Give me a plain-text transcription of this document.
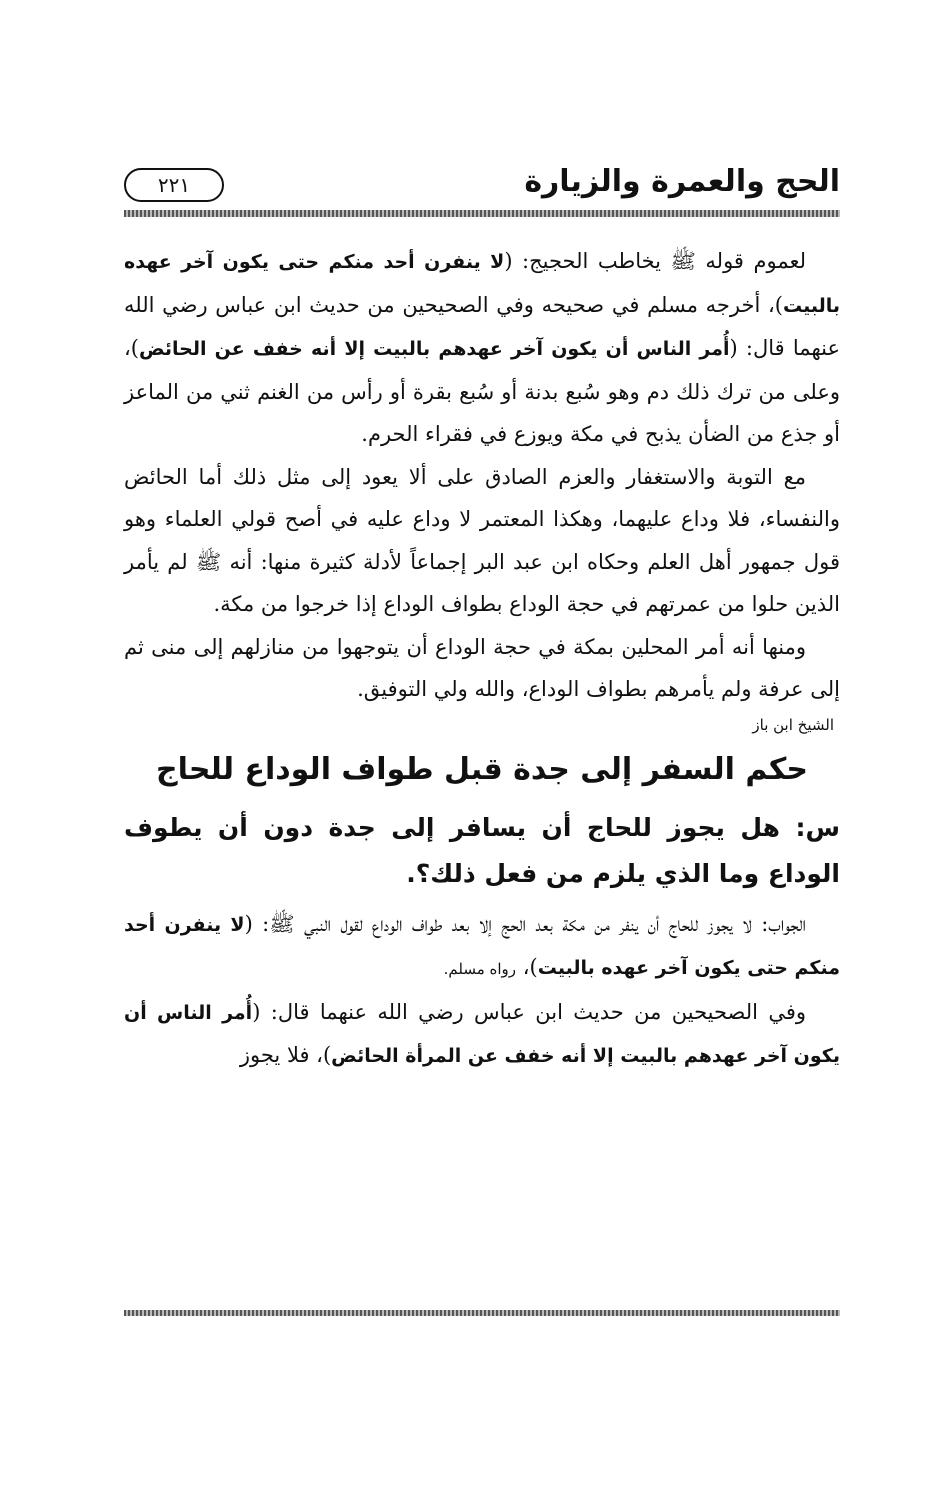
الحج والعمرة والزيارة
٢٢١

لعموم قوله ﷺ يخاطب الحجيج: (لا ينفرن أحد منكم حتى يكون آخر عهده بالبيت)، أخرجه مسلم في صحيحه وفي الصحيحين من حديث ابن عباس رضي الله عنهما قال: (أُمر الناس أن يكون آخر عهدهم بالبيت إلا أنه خفف عن الحائض)، وعلى من ترك ذلك دم وهو سُبع بدنة أو سُبع بقرة أو رأس من الغنم ثني من الماعز أو جذع من الضأن يذبح في مكة ويوزع في فقراء الحرم.

مع التوبة والاستغفار والعزم الصادق على ألا يعود إلى مثل ذلك أما الحائض والنفساء، فلا وداع عليهما، وهكذا المعتمر لا وداع عليه في أصح قولي العلماء وهو قول جمهور أهل العلم وحكاه ابن عبد البر إجماعاً لأدلة كثيرة منها: أنه ﷺ لم يأمر الذين حلوا من عمرتهم في حجة الوداع بطواف الوداع إذا خرجوا من مكة.

ومنها أنه أمر المحلين بمكة في حجة الوداع أن يتوجهوا من منازلهم إلى منى ثم إلى عرفة ولم يأمرهم بطواف الوداع، والله ولي التوفيق.

الشيخ ابن باز

حكم السفر إلى جدة قبل طواف الوداع للحاج

س: هل يجوز للحاج أن يسافر إلى جدة دون أن يطوف الوداع وما الذي يلزم من فعل ذلك؟.

الجواب: لا يجوز للحاج أن ينفر من مكة بعد الحج إلا بعد طواف الوداع لقول النبي ﷺ: (لا ينفرن أحد منكم حتى يكون آخر عهده بالبيت)، رواه مسلم.

وفي الصحيحين من حديث ابن عباس رضي الله عنهما قال: (أُمر الناس أن يكون آخر عهدهم بالبيت إلا أنه خفف عن المرأة الحائض)، فلا يجوز
